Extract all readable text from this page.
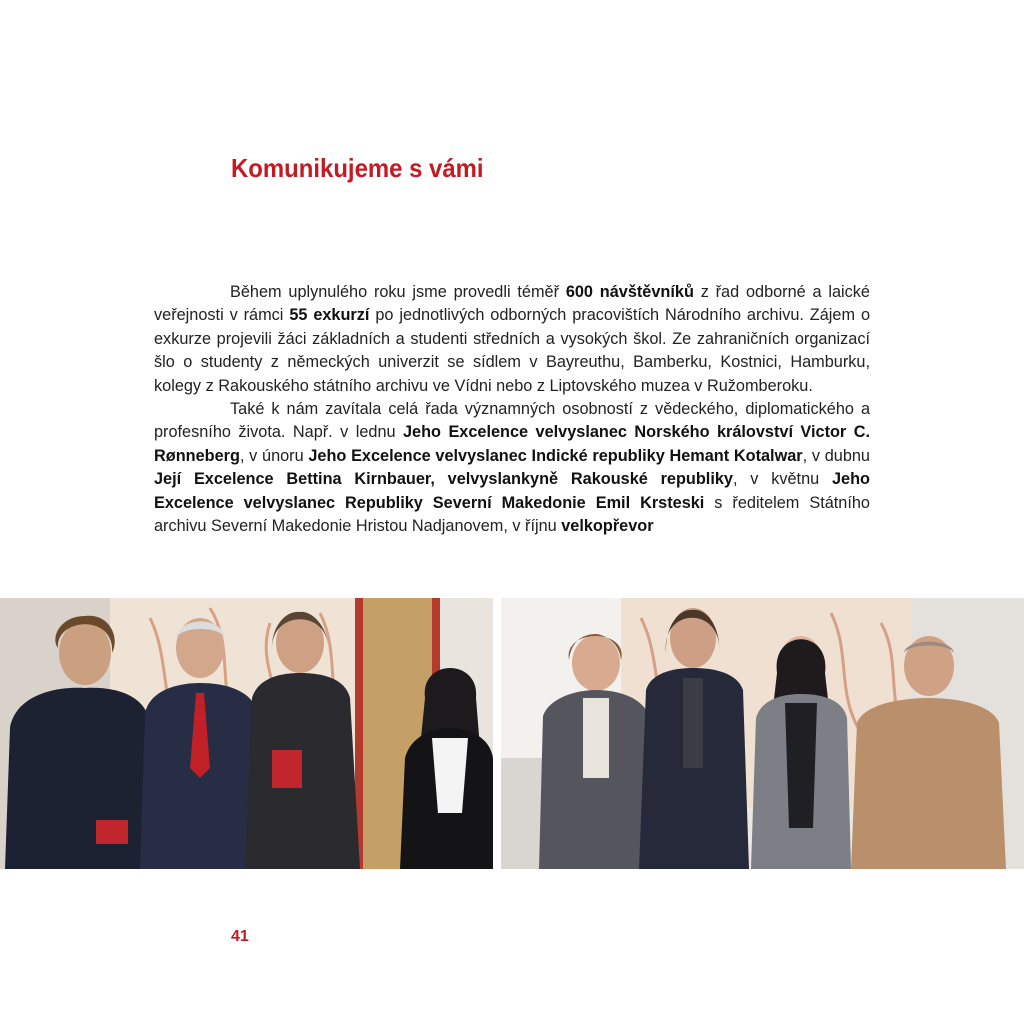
Komunikujeme s vámi

Během uplynulého roku jsme provedli téměř 600 návštěvníků z řad odborné a laické veřejnosti v rámci 55 exkurzí po jednotlivých odborných pracovištích Národního archivu. Zájem o exkurze projevili žáci základních a studenti středních a vysokých škol. Ze zahraničních organizací šlo o studenty z německých univerzit se sídlem v Bayreuthu, Bamberku, Kostnici, Hamburku, kolegy z Rakouského státního archivu ve Vídni nebo z Liptovského muzea v Ružomberoku.

Také k nám zavítala celá řada významných osobností z vědeckého, diplomatického a profesního života. Např. v lednu Jeho Excelence velvyslanec Norského království Victor C. Rønneberg, v únoru Jeho Excelence velvyslanec Indické republiky Hemant Kotalwar, v dubnu Její Excelence Bettina Kirnbauer, velvyslankyně Rakouské republiky, v květnu Jeho Excelence velvyslanec Republiky Severní Makedonie Emil Krsteski s ředitelem Státního archivu Severní Makedonie Hristou Nadjanovem, v říjnu velkopřevor

41
